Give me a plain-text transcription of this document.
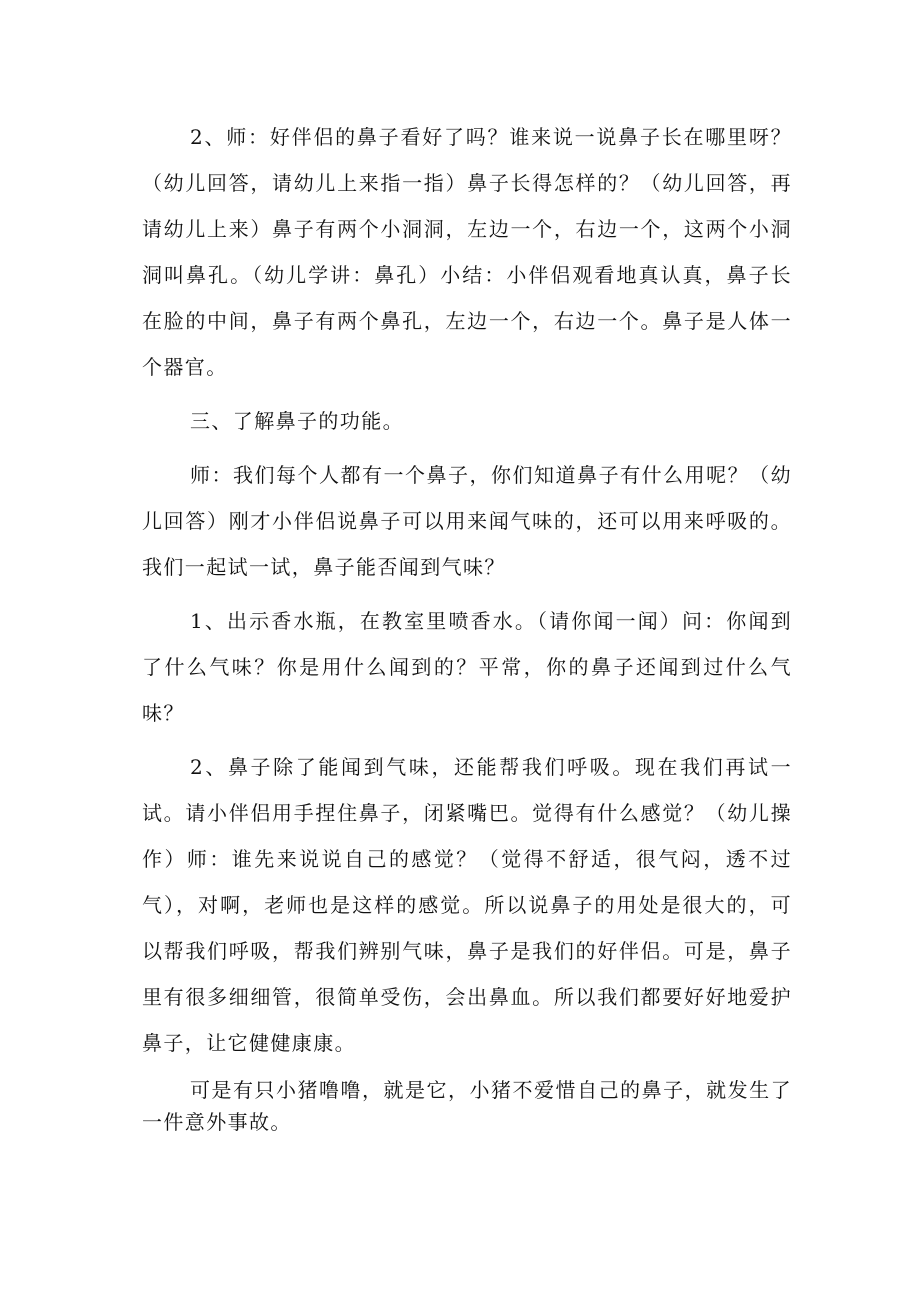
2、师：好伴侣的鼻子看好了吗？谁来说一说鼻子长在哪里呀？（幼儿回答，请幼儿上来指一指）鼻子长得怎样的？（幼儿回答，再请幼儿上来）鼻子有两个小洞洞，左边一个，右边一个，这两个小洞洞叫鼻孔。（幼儿学讲：鼻孔）小结：小伴侣观看地真认真，鼻子长在脸的中间，鼻子有两个鼻孔，左边一个，右边一个。鼻子是人体一个器官。

三、了解鼻子的功能。

师：我们每个人都有一个鼻子，你们知道鼻子有什么用呢？（幼儿回答）刚才小伴侣说鼻子可以用来闻气味的，还可以用来呼吸的。我们一起试一试，鼻子能否闻到气味？

1、出示香水瓶，在教室里喷香水。（请你闻一闻）问：你闻到了什么气味？你是用什么闻到的？平常，你的鼻子还闻到过什么气味？

2、鼻子除了能闻到气味，还能帮我们呼吸。现在我们再试一试。请小伴侣用手捏住鼻子，闭紧嘴巴。觉得有什么感觉？（幼儿操作）师：谁先来说说自己的感觉？（觉得不舒适，很气闷，透不过气），对啊，老师也是这样的感觉。所以说鼻子的用处是很大的，可以帮我们呼吸，帮我们辨别气味，鼻子是我们的好伴侣。可是，鼻子里有很多细细管，很简单受伤，会出鼻血。所以我们都要好好地爱护鼻子，让它健健康康。

可是有只小猪噜噜，就是它，小猪不爱惜自己的鼻子，就发生了一件意外事故。
